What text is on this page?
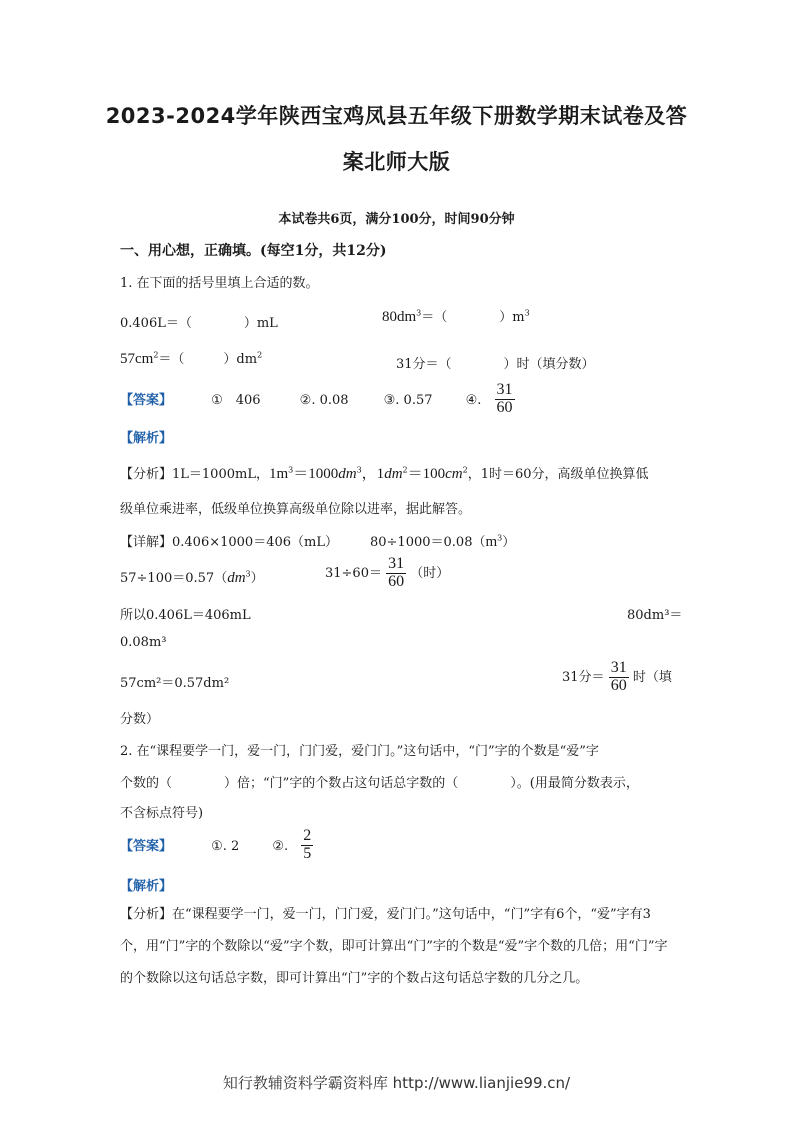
2023-2024学年陕西宝鸡凤县五年级下册数学期末试卷及答
案北师大版
本试卷共6页，满分100分，时间90分钟
一、用心想，正确填。(每空1分，共12分)
1. 在下面的括号里填上合适的数。
0.406L＝（　　　　）mL	$80dm^3=$（　　　　）$m^3$
$57cm^2=$（　　　）$dm^2$
31分＝（　　　　）时（填分数）
【答案】	①　406	②. 0.08	③. 0.57	④. $\frac{31}{60}$
【解析】
【分析】1L＝1000mL，$1m^3=1000dm^3$，$1dm^2=100cm^2$，1时＝60分，高级单位换算低
级单位乘进率，低级单位换算高级单位除以进率，据此解答。
【详解】0.406×1000＝406（mL） $80\div 1000=0.08(m^3)$
$57\div 100=0.57(dm^3)$	$31\div 60= \frac{31}{60}$ （时）
所以0.406L＝406mL	80dm³＝
0.08m³
57cm²＝0.57dm²	31分＝ $\frac{31}{60}$ 时（填
分数）
2. 在“课程要学一门，爱一门，门门爱，爱门门。”这句话中，“门”字的个数是“爱”字
个数的（　　　　）倍；“门”字的个数占这句话总字数的（　　　　）。(用最简分数表示，
不含标点符号)
【答案】	①. 2	②. $\frac{2}{5}$
【解析】
【分析】在“课程要学一门，爱一门，门门爱，爱门门。”这句话中，“门”字有6个，“爱”字有3个，用“门”字的个数除以“爱”字个数，即可计算出“门”字的个数是“爱”字个数的几倍；用“门”字的个数除以这句话总字数，即可计算出“门”字的个数占这句话总字数的几分之几。
知行教辅资料学霸资料库 http://www.lianjie99.cn/
